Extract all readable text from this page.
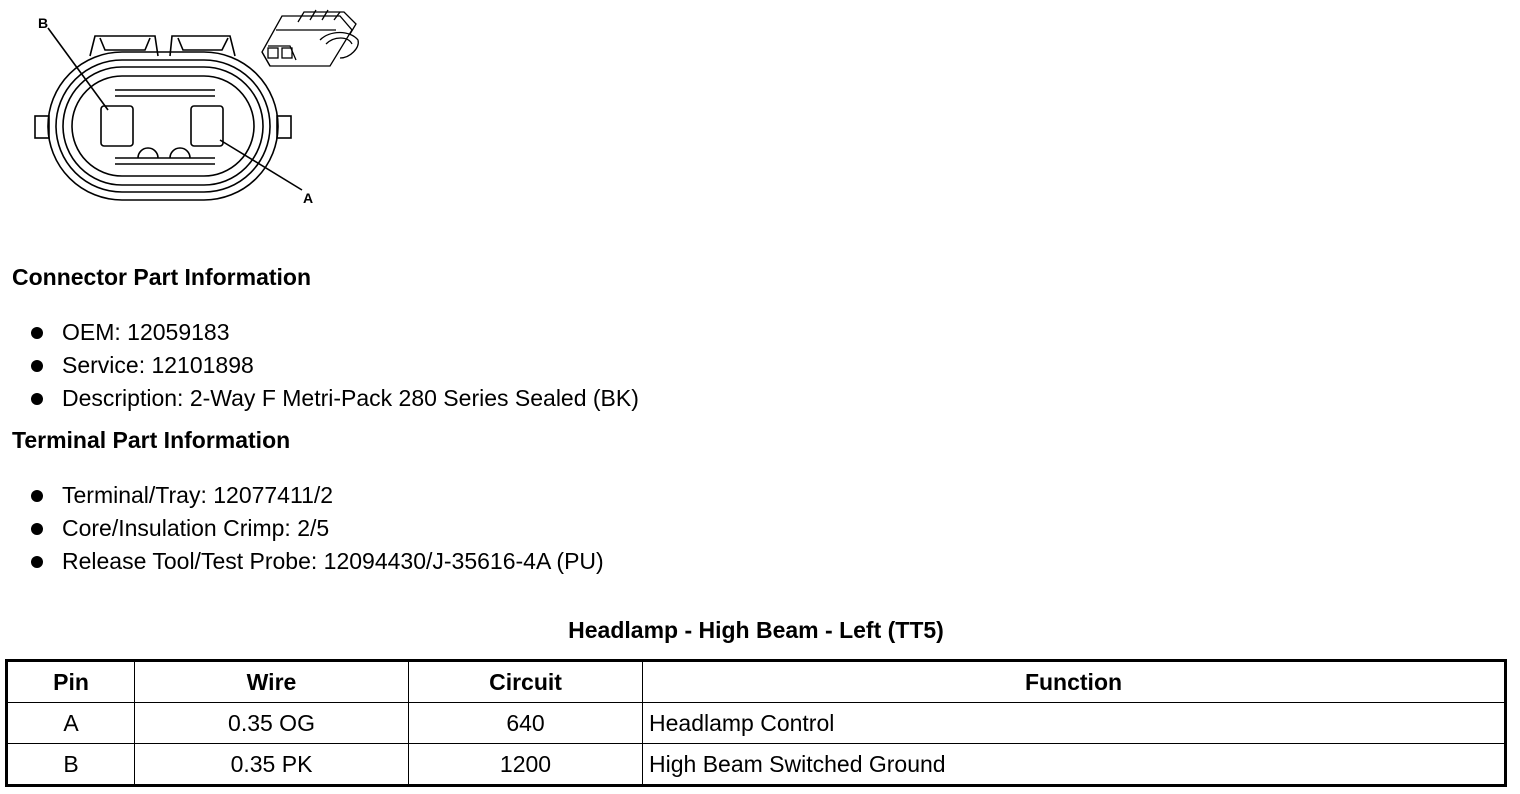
B
A
Connector Part Information
OEM: 12059183
Service: 12101898
Description: 2-Way F Metri-Pack 280 Series Sealed (BK)
Terminal Part Information
Terminal/Tray: 12077411/2
Core/Insulation Crimp: 2/5
Release Tool/Test Probe: 12094430/J-35616-4A (PU)
Headlamp - High Beam - Left (TT5)
Pin	Wire	Circuit	Function
A	0.35 OG	640	Headlamp Control
B	0.35 PK	1200	High Beam Switched Ground
